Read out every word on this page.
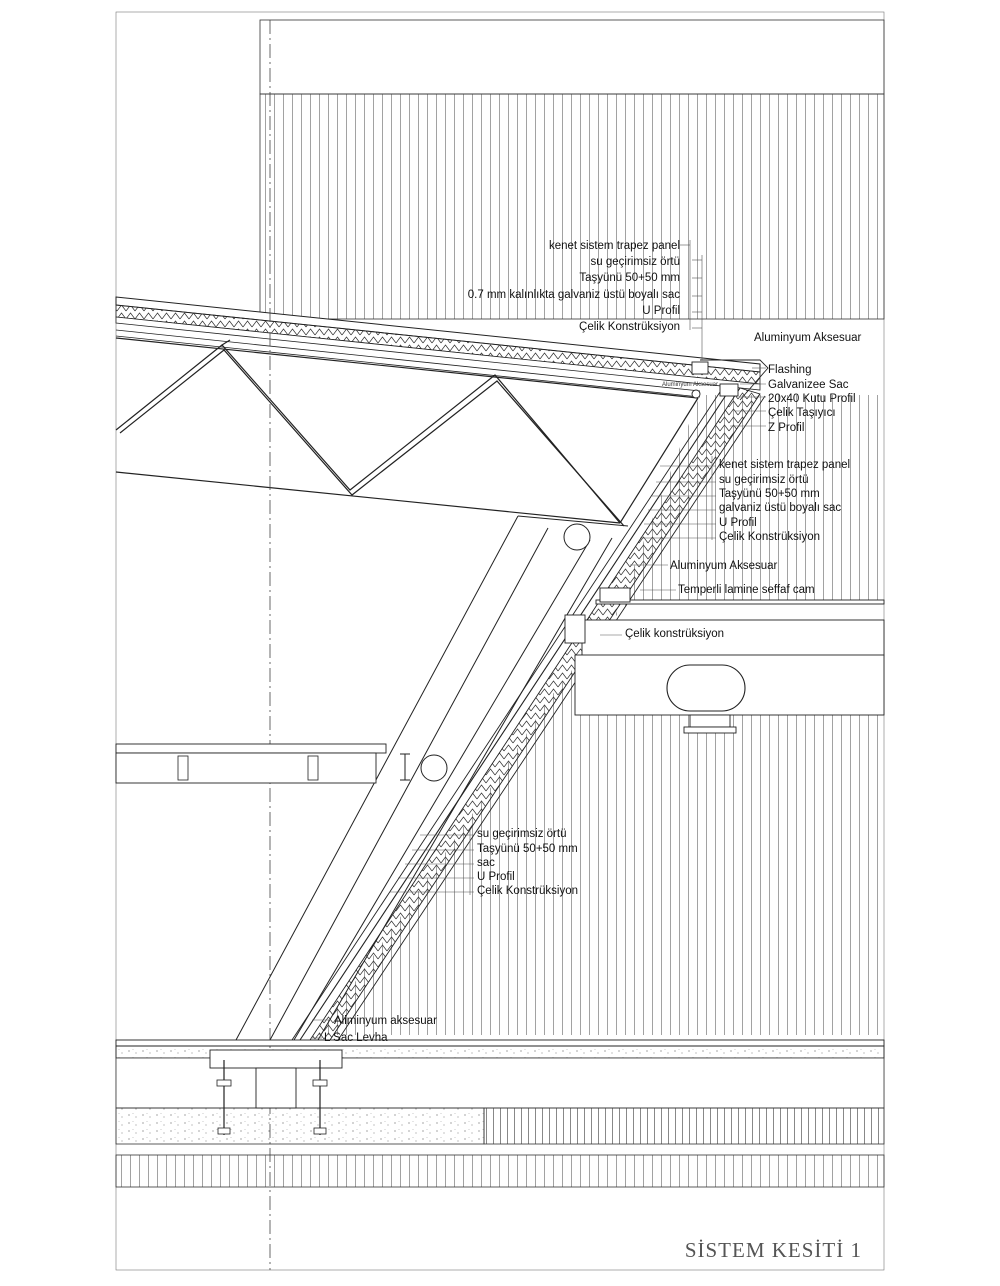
kenet sistem trapez panel
su geçirimsiz örtü
Taşyünü 50+50 mm
0.7 mm kalınlıkta galvaniz üstü boyalı sac
U Profil
Çelik Konstrüksiyon
Aluminyum Aksesuar
Flashing
Galvanizee Sac
20x40 Kutu Profil
Çelik Taşıyıcı
Z Profil
Aluminyum Aksesuar
kenet sistem trapez panel
su geçirimsiz örtü
Taşyünü 50+50 mm
galvaniz üstü boyalı sac
U Profil
Çelik Konstrüksiyon
Aluminyum Aksesuar
Temperli lamine seffaf cam
Çelik konstrüksiyon
su geçirimsiz örtü
Taşyünü 50+50 mm
sac
U Profil
Çelik Konstrüksiyon
Aliminyum aksesuar
L Sac Levha
SİSTEM KESİTİ 1
